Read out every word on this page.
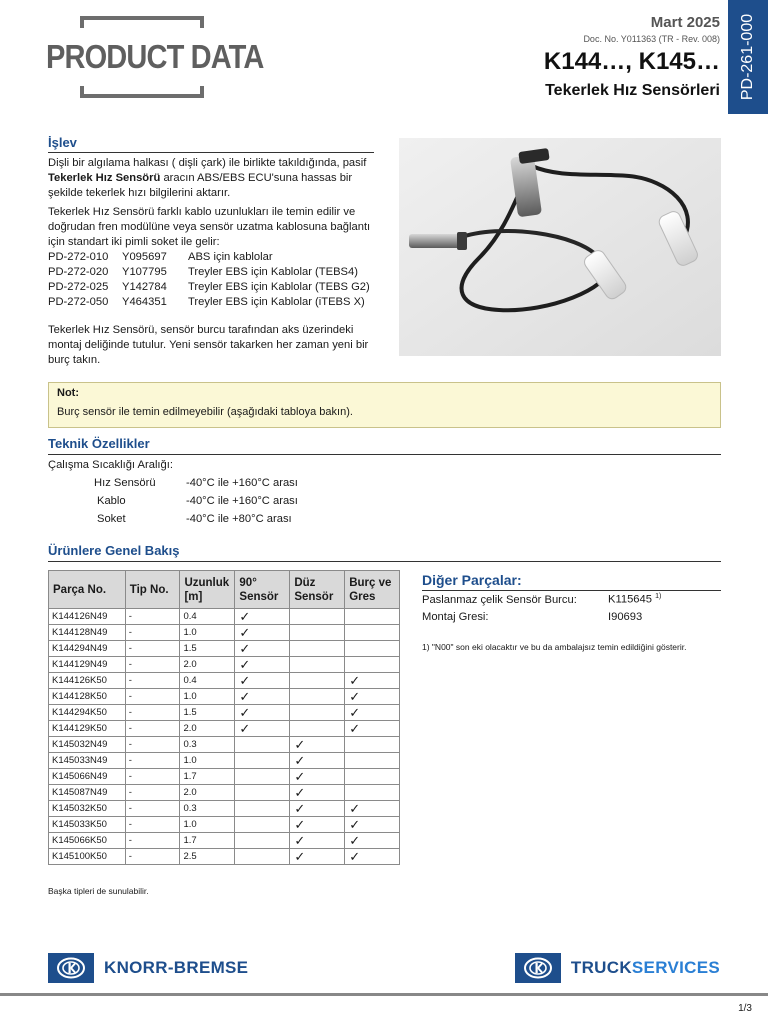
PRODUCT DATA
Mart 2025
Doc. No. Y011363 (TR - Rev. 008)
K144…, K145…
Tekerlek Hız Sensörleri PD-261-000
İşlev
Dişli bir algılama halkası ( dişli çark) ile birlikte takıldığında, pasif Tekerlek Hız Sensörü aracın ABS/EBS ECU'suna hassas bir şekilde tekerlek hızı bilgilerini aktarır.
Tekerlek Hız Sensörü farklı kablo uzunlukları ile temin edilir ve doğrudan fren modülüne veya sensör uzatma kablosuna bağlantı için standart iki pimli soket ile gelir:
PD-272-010	Y095697	ABS için kablolar
PD-272-020	Y107795	Treyler EBS için Kablolar (TEBS4)
PD-272-025	Y142784	Treyler EBS için Kablolar (TEBS G2)
PD-272-050	Y464351	Treyler EBS için Kablolar (iTEBS X)
Tekerlek Hız Sensörü, sensör burcu tarafından aks üzerindeki montaj deliğinde tutulur. Yeni sensör takarken her zaman yeni bir burç takın.
Not:
Burç sensör ile temin edilmeyebilir (aşağıdaki tabloya bakın).
Teknik Özellikler
Çalışma Sıcaklığı Aralığı:
Hız Sensörü	-40°C ile +160°C arası
Kablo	-40°C ile +160°C arası
Soket	-40°C ile +80°C arası
Ürünlere Genel Bakış
Parça No.	Tip No.	Uzunluk [m]	90° Sensör	Düz Sensör	Burç ve Gres
K144126N49	-	0.4	✓		
K144128N49	-	1.0	✓		
K144294N49	-	1.5	✓		
K144129N49	-	2.0	✓		
K144126K50	-	0.4	✓		✓
K144128K50	-	1.0	✓		✓
K144294K50	-	1.5	✓		✓
K144129K50	-	2.0	✓		✓
K145032N49	-	0.3		✓	
K145033N49	-	1.0		✓	
K145066N49	-	1.7		✓	
K145087N49	-	2.0		✓	
K145032K50	-	0.3		✓	✓
K145033K50	-	1.0		✓	✓
K145066K50	-	1.7		✓	✓
K145100K50	-	2.5		✓	✓
Başka tipleri de sunulabilir.
Diğer Parçalar:
Paslanmaz çelik Sensör Burcu:	K115645 $^{1)}$
Montaj Gresi:	I90693
1) "N00" son eki olacaktır ve bu da ambalajsız temin edildiğini gösterir.
KNORR-BREMSE	TRUCKSERVICES
1/3
